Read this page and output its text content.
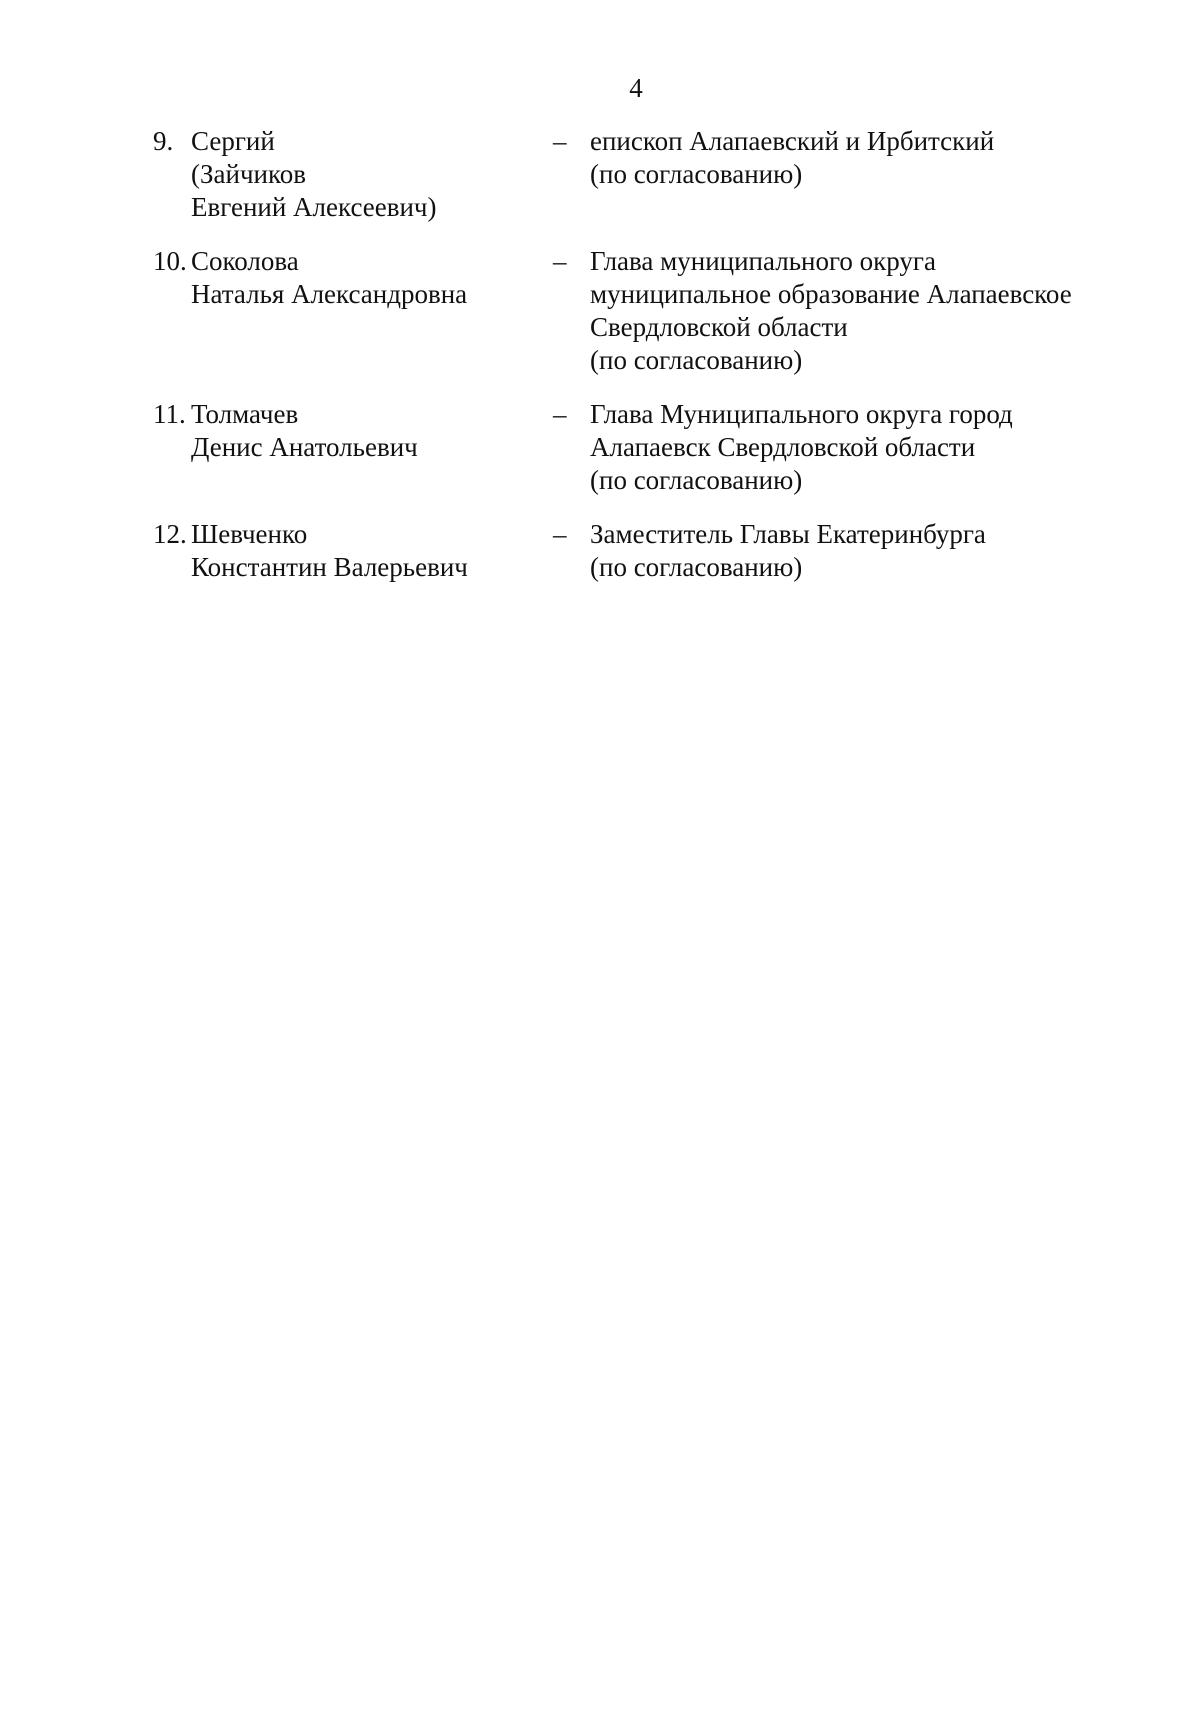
4
9. Сергий
(Зайчиков
Евгений Алексеевич)
– епископ Алапаевский и Ирбитский
(по согласованию)
10. Соколова
Наталья Александровна
– Глава муниципального округа
муниципальное образование Алапаевское
Свердловской области
(по согласованию)
11. Толмачев
Денис Анатольевич
– Глава Муниципального округа город
Алапаевск Свердловской области
(по согласованию)
12. Шевченко
Константин Валерьевич
– Заместитель Главы Екатеринбурга
(по согласованию)
